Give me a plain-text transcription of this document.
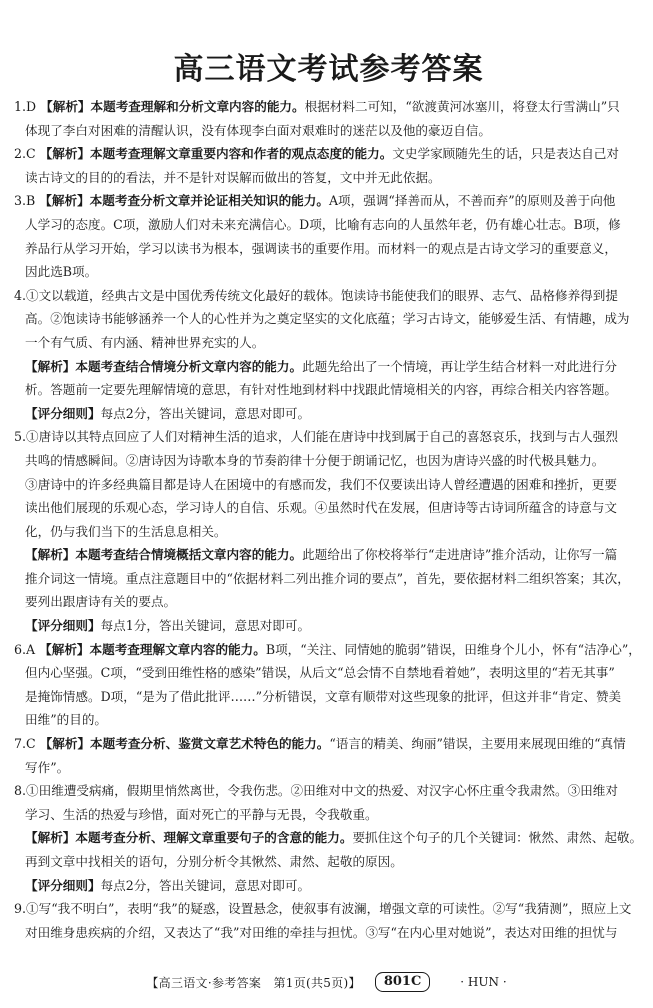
高三语文考试参考答案

1.D 【解析】本题考查理解和分析文章内容的能力。根据材料二可知，“欲渡黄河冰塞川，将登太行雪满山”只

体现了李白对困难的清醒认识，没有体现李白面对艰难时的迷茫以及他的豪迈自信。

2.C 【解析】本题考查理解文章重要内容和作者的观点态度的能力。文史学家顾随先生的话，只是表达自己对

读古诗文的目的的看法，并不是针对误解而做出的答复，文中并无此依据。

3.B 【解析】本题考查分析文章并论证相关知识的能力。A项，强调“择善而从，不善而弃”的原则及善于向他

人学习的态度。C项，激励人们对未来充满信心。D项，比喻有志向的人虽然年老，仍有雄心壮志。B项，修

养品行从学习开始，学习以读书为根本，强调读书的重要作用。而材料一的观点是古诗文学习的重要意义，

因此选B项。

4.①文以载道，经典古文是中国优秀传统文化最好的载体。饱读诗书能使我们的眼界、志气、品格修养得到提

高。②饱读诗书能够涵养一个人的心性并为之奠定坚实的文化底蕴；学习古诗文，能够爱生活、有情趣，成为

一个有气质、有内涵、精神世界充实的人。

【解析】本题考查结合情境分析文章内容的能力。此题先给出了一个情境，再让学生结合材料一对此进行分

析。答题前一定要先理解情境的意思，有针对性地到材料中找跟此情境相关的内容，再综合相关内容答题。

【评分细则】每点2分，答出关键词，意思对即可。

5.①唐诗以其特点回应了人们对精神生活的追求，人们能在唐诗中找到属于自己的喜怒哀乐，找到与古人强烈

共鸣的情感瞬间。②唐诗因为诗歌本身的节奏韵律十分便于朗诵记忆，也因为唐诗兴盛的时代极具魅力。

③唐诗中的许多经典篇目都是诗人在困境中的有感而发，我们不仅要读出诗人曾经遭遇的困难和挫折，更要

读出他们展现的乐观心态，学习诗人的自信、乐观。④虽然时代在发展，但唐诗等古诗词所蕴含的诗意与文

化，仍与我们当下的生活息息相关。

【解析】本题考查结合情境概括文章内容的能力。此题给出了你校将举行“走进唐诗”推介活动，让你写一篇

推介词这一情境。重点注意题目中的“依据材料二列出推介词的要点”，首先，要依据材料二组织答案；其次，

要列出跟唐诗有关的要点。

【评分细则】每点1分，答出关键词，意思对即可。

6.A 【解析】本题考查理解文章内容的能力。B项，“关注、同情她的脆弱”错误，田维身个儿小，怀有“洁净心”，

但内心坚强。C项，“受到田维性格的感染”错误，从后文“总会情不自禁地看着她”，表明这里的“若无其事”

是掩饰情感。D项，“是为了借此批评……”分析错误，文章有顺带对这些现象的批评，但这并非“肯定、赞美

田维”的目的。

7.C 【解析】本题考查分析、鉴赏文章艺术特色的能力。“语言的精美、绚丽”错误，主要用来展现田维的“真情

写作”。

8.①田维遭受病痛，假期里悄然离世，令我伤悲。②田维对中文的热爱、对汉字心怀庄重令我肃然。③田维对

学习、生活的热爱与珍惜，面对死亡的平静与无畏，令我敬重。

【解析】本题考查分析、理解文章重要句子的含意的能力。要抓住这个句子的几个关键词：愀然、肃然、起敬。

再到文章中找相关的语句，分别分析令其愀然、肃然、起敬的原因。

【评分细则】每点2分，答出关键词，意思对即可。

9.①写“我不明白”，表明“我”的疑惑，设置悬念，使叙事有波澜，增强文章的可读性。②写“我猜测”，照应上文

对田维身患疾病的介绍，又表达了“我”对田维的牵挂与担忧。③写“在内心里对她说”，表达对田维的担忧与

【高三语文·参考答案　第1页(共5页)】	801C	· HUN ·
